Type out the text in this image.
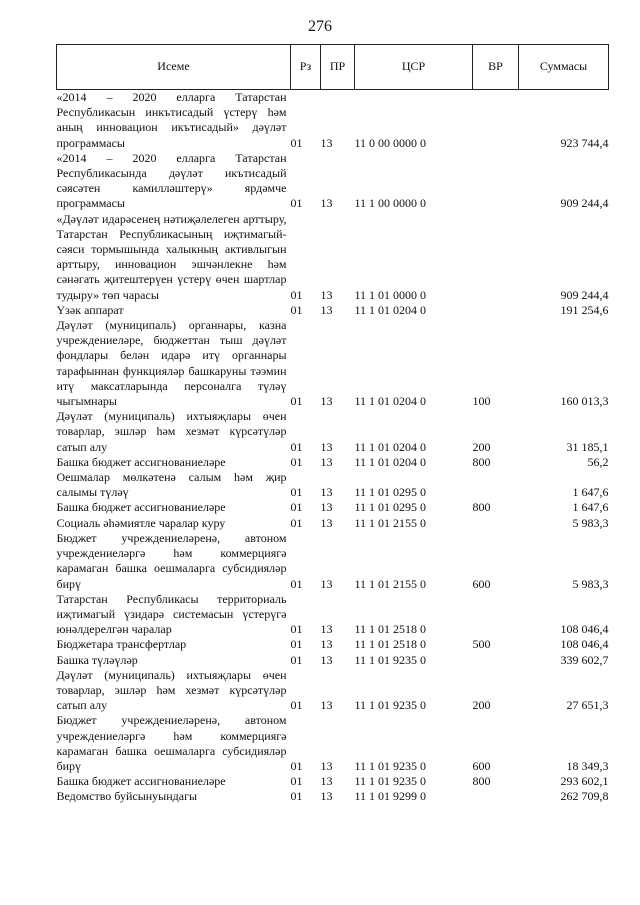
276
Исеме	Рз	ПР	ЦСР	ВР	Суммасы
«2014 – 2020 елларга Татарстан Республикасын инкътисадый үстерү һәм аның инновацион икътисадый» дәүләт программасы	01	13	11 0 00 0000 0		923 744,4
«2014 – 2020 елларга Татарстан Республикасында дәүләт икътисадый сәясәтен камилләштерү» ярдәмче программасы	01	13	11 1 00 0000 0		909 244,4
«Дәүләт идарәсенең нәтиҗәлелеген арттыру, Татарстан Республикасының иҗтимагый-сәяси тормышында халыкның активлыгын арттыру, инновацион эшчәнлекне һәм сәнәгать җитештерүен үстерү өчен шартлар тудыру» төп чарасы	01	13	11 1 01 0000 0		909 244,4
Үзәк аппарат	01	13	11 1 01 0204 0		191 254,6
Дәүләт (муниципаль) органнары, казна учреждениеләре, бюджеттан тыш дәүләт фондлары белән идарә итү органнары тарафыннан функцияләр башкаруны тәэмин итү максатларында персоналга түләү чыгымнары	01	13	11 1 01 0204 0	100	160 013,3
Дәүләт (муниципаль) ихтыяҗлары өчен товарлар, эшләр һәм хезмәт күрсәтүләр сатып алу	01	13	11 1 01 0204 0	200	31 185,1
Башка бюджет ассигнованиеләре	01	13	11 1 01 0204 0	800	56,2
Оешмалар мөлкәтенә салым һәм җир салымы түләү	01	13	11 1 01 0295 0		1 647,6
Башка бюджет ассигнованиеләре	01	13	11 1 01 0295 0	800	1 647,6
Социаль әһәмиятле чаралар куру	01	13	11 1 01 2155 0		5 983,3
Бюджет учреждениеләренә, автоном учреждениеләргә һәм коммерциягә карамаган башка оешмаларга субсидияләр бирү	01	13	11 1 01 2155 0	600	5 983,3
Татарстан Республикасы территориаль иҗтимагый үзидарә системасын үстерүгә юнәлдерелгән чаралар	01	13	11 1 01 2518 0		108 046,4
Бюджетара трансфертлар	01	13	11 1 01 2518 0	500	108 046,4
Башка түләүләр	01	13	11 1 01 9235 0		339 602,7
Дәүләт (муниципаль) ихтыяҗлары өчен товарлар, эшләр һәм хезмәт күрсәтүләр сатып алу	01	13	11 1 01 9235 0	200	27 651,3
Бюджет учреждениеләренә, автоном учреждениеләргә һәм коммерциягә карамаган башка оешмаларга субсидияләр бирү	01	13	11 1 01 9235 0	600	18 349,3
Башка бюджет ассигнованиеләре	01	13	11 1 01 9235 0	800	293 602,1
Ведомство буйсынуындагы	01	13	11 1 01 9299 0		262 709,8
